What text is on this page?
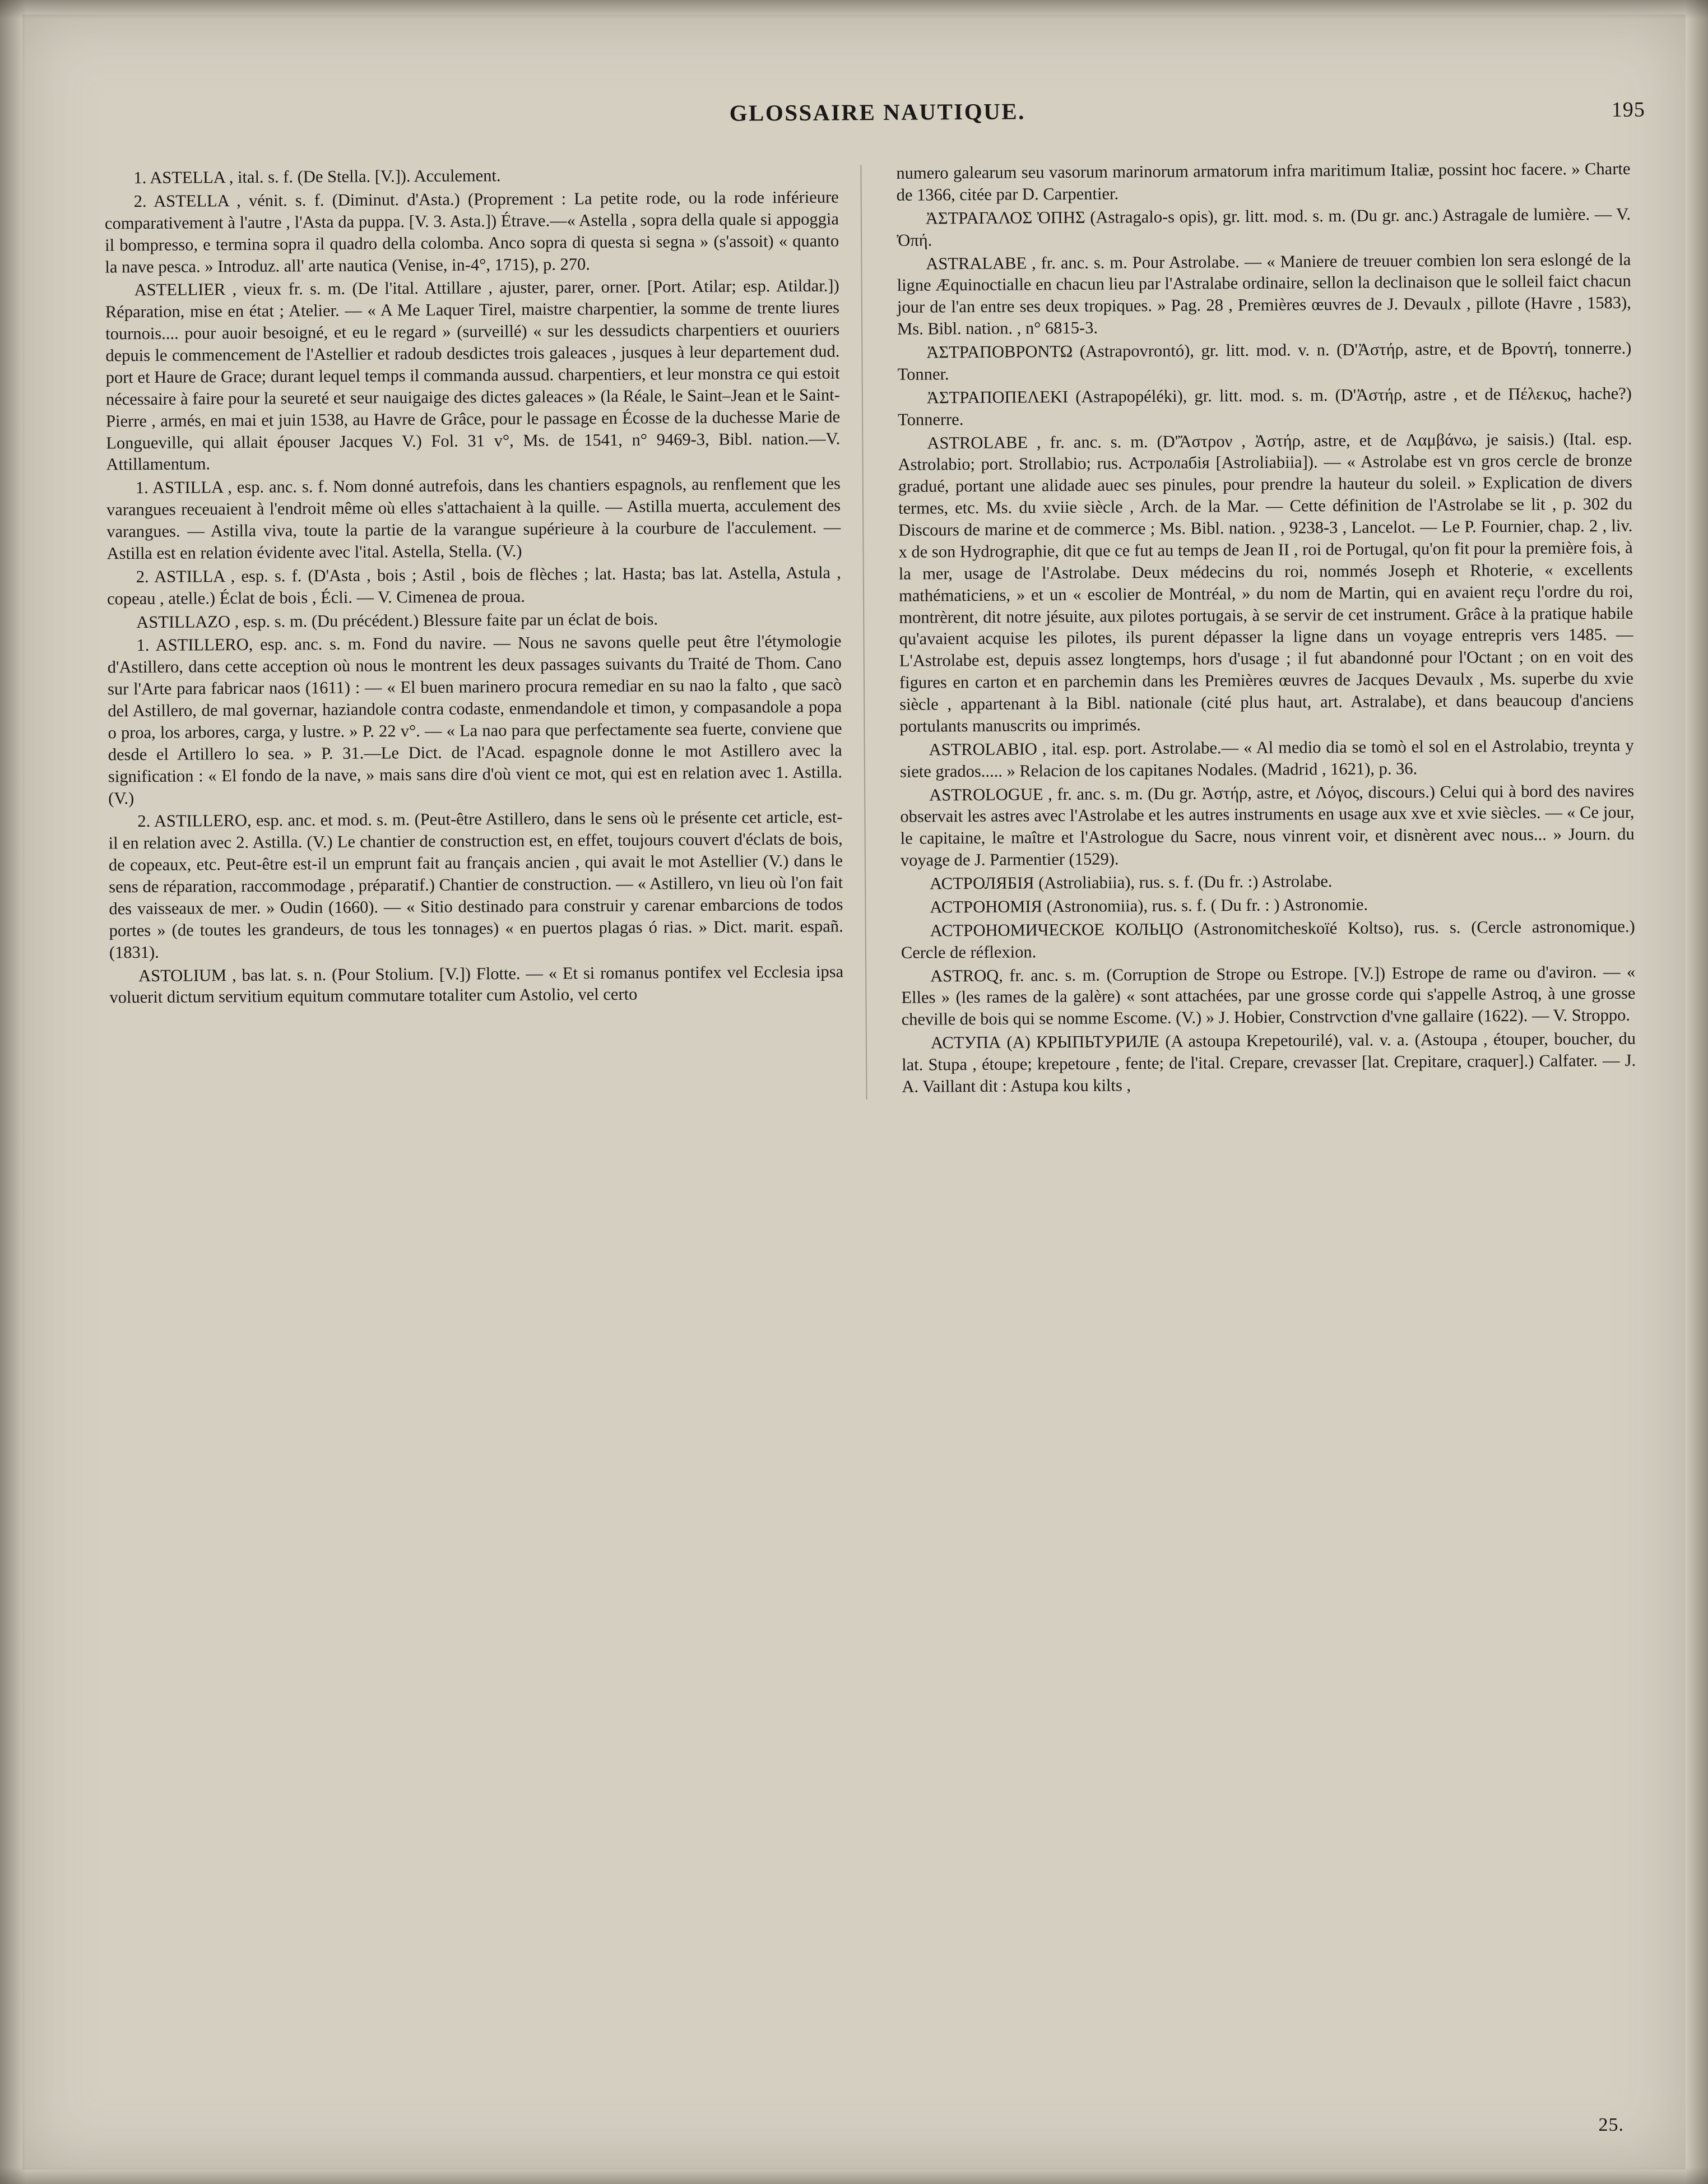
GLOSSAIRE NAUTIQUE.	195

1. ASTELLA , ital. s. f. (De Stella. [V.]). Acculement.

2. ASTELLA , vénit. s. f. (Diminut. d'Asta.) (Proprement : La petite rode, ou la rode inférieure comparativement à l'autre , l'Asta da puppa. [V. 3. Asta.]) Étrave.—« Astella , sopra della quale si appoggia il bompresso, e termina sopra il quadro della colomba. Anco sopra di questa si segna » (s'assoit) « quanto la nave pesca. » Introduz. all' arte nautica (Venise, in-4°, 1715), p. 270.

ASTELLIER , vieux fr. s. m. (De l'ital. Attillare , ajuster, parer, orner. [Port. Atilar; esp. Atildar.]) Réparation, mise en état ; Atelier. — « A Me Laquer Tirel, maistre charpentier, la somme de trente liures tournois.... pour auoir besoigné, et eu le regard » (surveillé) « sur les dessudicts charpentiers et ouuriers depuis le commencement de l'Astellier et radoub desdictes trois galeaces , jusques à leur departement dud. port et Haure de Grace; durant lequel temps il commanda aussud. charpentiers, et leur monstra ce qui estoit nécessaire à faire pour la seureté et seur nauigaige des dictes galeaces » (la Réale, le Saint–Jean et le Saint-Pierre , armés, en mai et juin 1538, au Havre de Grâce, pour le passage en Écosse de la duchesse Marie de Longueville, qui allait épouser Jacques V.) Fol. 31 v°, Ms. de 1541, n° 9469-3, Bibl. nation.—V. Attillamentum.

1. ASTILLA , esp. anc. s. f. Nom donné autrefois, dans les chantiers espagnols, au renflement que les varangues receuaient à l'endroit même où elles s'attachaient à la quille. — Astilla muerta, acculement des varangues. — Astilla viva, toute la partie de la varangue supérieure à la courbure de l'acculement. — Astilla est en relation évidente avec l'ital. Astella, Stella. (V.)

2. ASTILLA , esp. s. f. (D'Asta , bois ; Astil , bois de flèches ; lat. Hasta; bas lat. Astella, Astula , copeau , atelle.) Éclat de bois , Écli. — V. Cimenea de proua.

ASTILLAZO , esp. s. m. (Du précédent.) Blessure faite par un éclat de bois.

1. ASTILLERO, esp. anc. s. m. Fond du navire. — Nous ne savons quelle peut être l'étymologie d'Astillero, dans cette acception où nous le montrent les deux passages suivants du Traité de Thom. Cano sur l'Arte para fabricar naos (1611) : — « El buen marinero procura remediar en su nao la falto , que sacò del Astillero, de mal governar, haziandole contra codaste, enmendandole et timon, y compasandole a popa o proa, los arbores, carga, y lustre. » P. 22 v°. — « La nao para que perfectamente sea fuerte, conviene que desde el Artillero lo sea. » P. 31.—Le Dict. de l'Acad. espagnole donne le mot Astillero avec la signification : « El fondo de la nave, » mais sans dire d'où vient ce mot, qui est en relation avec 1. Astilla. (V.)

2. ASTILLERO, esp. anc. et mod. s. m. (Peut-être Astillero, dans le sens où le présente cet article, est-il en relation avec 2. Astilla. (V.) Le chantier de construction est, en effet, toujours couvert d'éclats de bois, de copeaux, etc. Peut-être est-il un emprunt fait au français ancien , qui avait le mot Astellier (V.) dans le sens de réparation, raccommodage , préparatif.) Chantier de construction. — « Astillero, vn lieu où l'on fait des vaisseaux de mer. » Oudin (1660). — « Sitio destinado para construir y carenar embarcions de todos portes » (de toutes les grandeurs, de tous les tonnages) « en puertos plagas ó rias. » Dict. marit. españ. (1831).

ASTOLIUM , bas lat. s. n. (Pour Stolium. [V.]) Flotte. — « Et si romanus pontifex vel Ecclesia ipsa voluerit dictum servitium equitum commutare totaliter cum Astolio, vel certo

numero galearum seu vasorum marinorum armatorum infra maritimum Italiæ, possint hoc facere. » Charte de 1366, citée par D. Carpentier.

ἈΣΤΡΑΓΑΛΟΣ ὈΠΗΣ (Astragalo-s opis), gr. litt. mod. s. m. (Du gr. anc.) Astragale de lumière. — V. Ὀπή.

ASTRALABE , fr. anc. s. m. Pour Astrolabe. — « Maniere de treuuer combien lon sera eslongé de la ligne Æquinoctialle en chacun lieu par l'Astralabe ordinaire, sellon la declinaison que le solleil faict chacun jour de l'an entre ses deux tropiques. » Pag. 28 , Premières œuvres de J. Devaulx , pillote (Havre , 1583), Ms. Bibl. nation. , n° 6815-3.

ἈΣΤΡΑΠΟΒΡΟΝΤΩ (Astrapovrontó), gr. litt. mod. v. n. (D'Ἀστήρ, astre, et de Βροντή, tonnerre.) Tonner.

ἈΣΤΡΑΠΟΠΕΛΕΚΙ (Astrapopéléki), gr. litt. mod. s. m. (D'Ἀστήρ, astre , et de Πέλεκυς, hache?) Tonnerre.

ASTROLABE , fr. anc. s. m. (D'Ἄστρον , Ἀστήρ, astre, et de Λαμβάνω, je saisis.) (Ital. esp. Astrolabio; port. Strollabio; rus. Астролабія [Astroliabiia]). — « Astrolabe est vn gros cercle de bronze gradué, portant une alidade auec ses pinules, pour prendre la hauteur du soleil. » Explication de divers termes, etc. Ms. du xviie siècle , Arch. de la Mar. — Cette définition de l'Astrolabe se lit , p. 302 du Discours de marine et de commerce ; Ms. Bibl. nation. , 9238-3 , Lancelot. — Le P. Fournier, chap. 2 , liv. x de son Hydrographie, dit que ce fut au temps de Jean II , roi de Portugal, qu'on fit pour la première fois, à la mer, usage de l'Astrolabe. Deux médecins du roi, nommés Joseph et Rhoterie, « excellents mathématiciens, » et un « escolier de Montréal, » du nom de Martin, qui en avaient reçu l'ordre du roi, montrèrent, dit notre jésuite, aux pilotes portugais, à se servir de cet instrument. Grâce à la pratique habile qu'avaient acquise les pilotes, ils purent dépasser la ligne dans un voyage entrepris vers 1485. — L'Astrolabe est, depuis assez longtemps, hors d'usage ; il fut abandonné pour l'Octant ; on en voit des figures en carton et en parchemin dans les Premières œuvres de Jacques Devaulx , Ms. superbe du xvie siècle , appartenant à la Bibl. nationale (cité plus haut, art. Astralabe), et dans beaucoup d'anciens portulants manuscrits ou imprimés.

ASTROLABIO , ital. esp. port. Astrolabe.— « Al medio dia se tomò el sol en el Astrolabio, treynta y siete grados..... » Relacion de los capitanes Nodales. (Madrid , 1621), p. 36.

ASTROLOGUE , fr. anc. s. m. (Du gr. Ἀστήρ, astre, et Λόγος, discours.) Celui qui à bord des navires observait les astres avec l'Astrolabe et les autres instruments en usage aux xve et xvie siècles. — « Ce jour, le capitaine, le maître et l'Astrologue du Sacre, nous vinrent voir, et disnèrent avec nous... » Journ. du voyage de J. Parmentier (1529).

АСТРОЛЯБІЯ (Astroliabiia), rus. s. f. (Du fr. :) Astrolabe.

АСТРОНОМІЯ (Astronomiia), rus. s. f. ( Du fr. : ) Astronomie.

АСТРОНОМИЧЕСКОЕ КОЛЬЦО (Astronomitcheskoïé Koltso), rus. s. (Cercle astronomique.) Cercle de réflexion.

ASTROQ, fr. anc. s. m. (Corruption de Strope ou Estrope. [V.]) Estrope de rame ou d'aviron. — « Elles » (les rames de la galère) « sont attachées, par une grosse corde qui s'appelle Astroq, à une grosse cheville de bois qui se nomme Escome. (V.) » J. Hobier, Constrvction d'vne gallaire (1622). — V. Stroppo.

АСТУПА (A) КРЫПЬТУРИЛЕ (A astoupa Krepetourilé), val. v. a. (Astoupa , étouper, boucher, du lat. Stupa , étoupe; krepetoure , fente; de l'ital. Crepare, crevasser [lat. Crepitare, craquer].) Calfater. — J. A. Vaillant dit : Astupa kou kilts ,

25.
